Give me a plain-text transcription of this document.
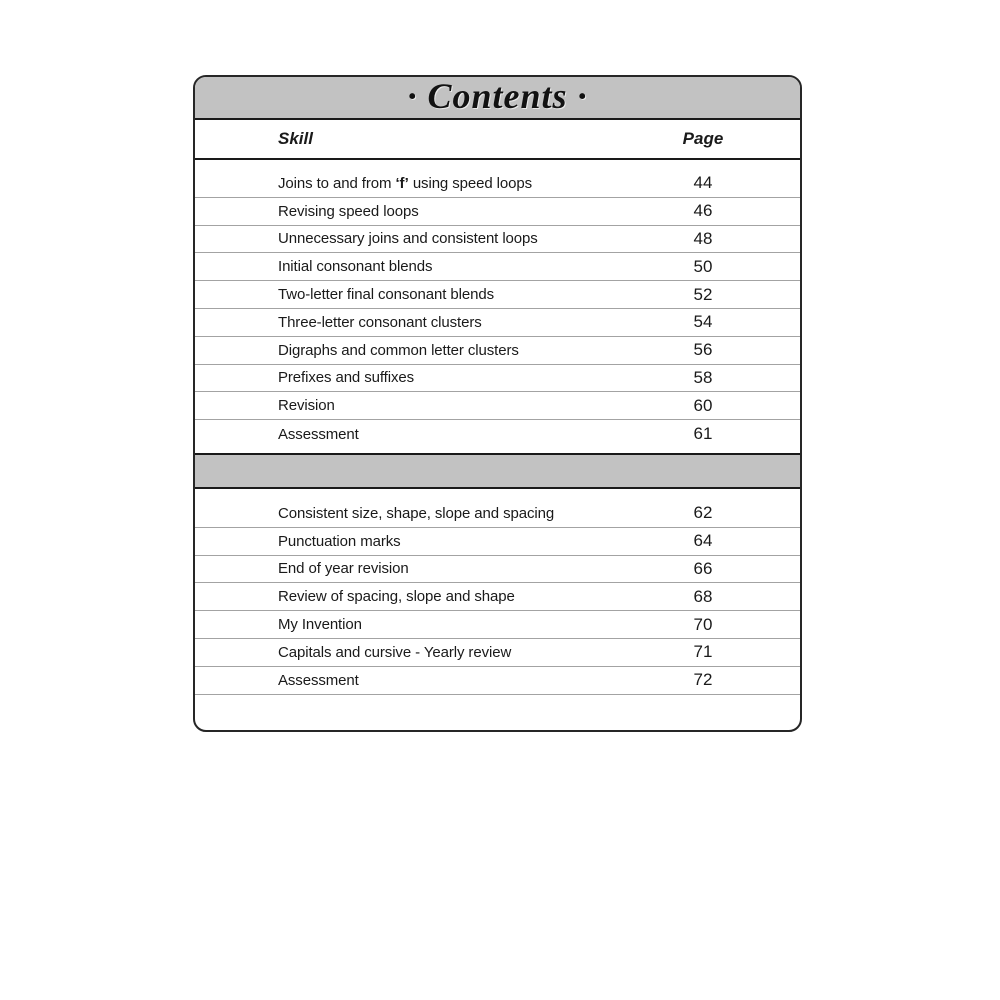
· Contents ·
Skill	Page
Joins to and from ‘f’ using speed loops	44
Revising speed loops	46
Unnecessary joins and consistent loops	48
Initial consonant blends	50
Two-letter final consonant blends	52
Three-letter consonant clusters	54
Digraphs and common letter clusters	56
Prefixes and suffixes	58
Revision	60
Assessment	61
Consistent size, shape, slope and spacing	62
Punctuation marks	64
End of year revision	66
Review of spacing, slope and shape	68
My Invention	70
Capitals and cursive - Yearly review	71
Assessment	72
